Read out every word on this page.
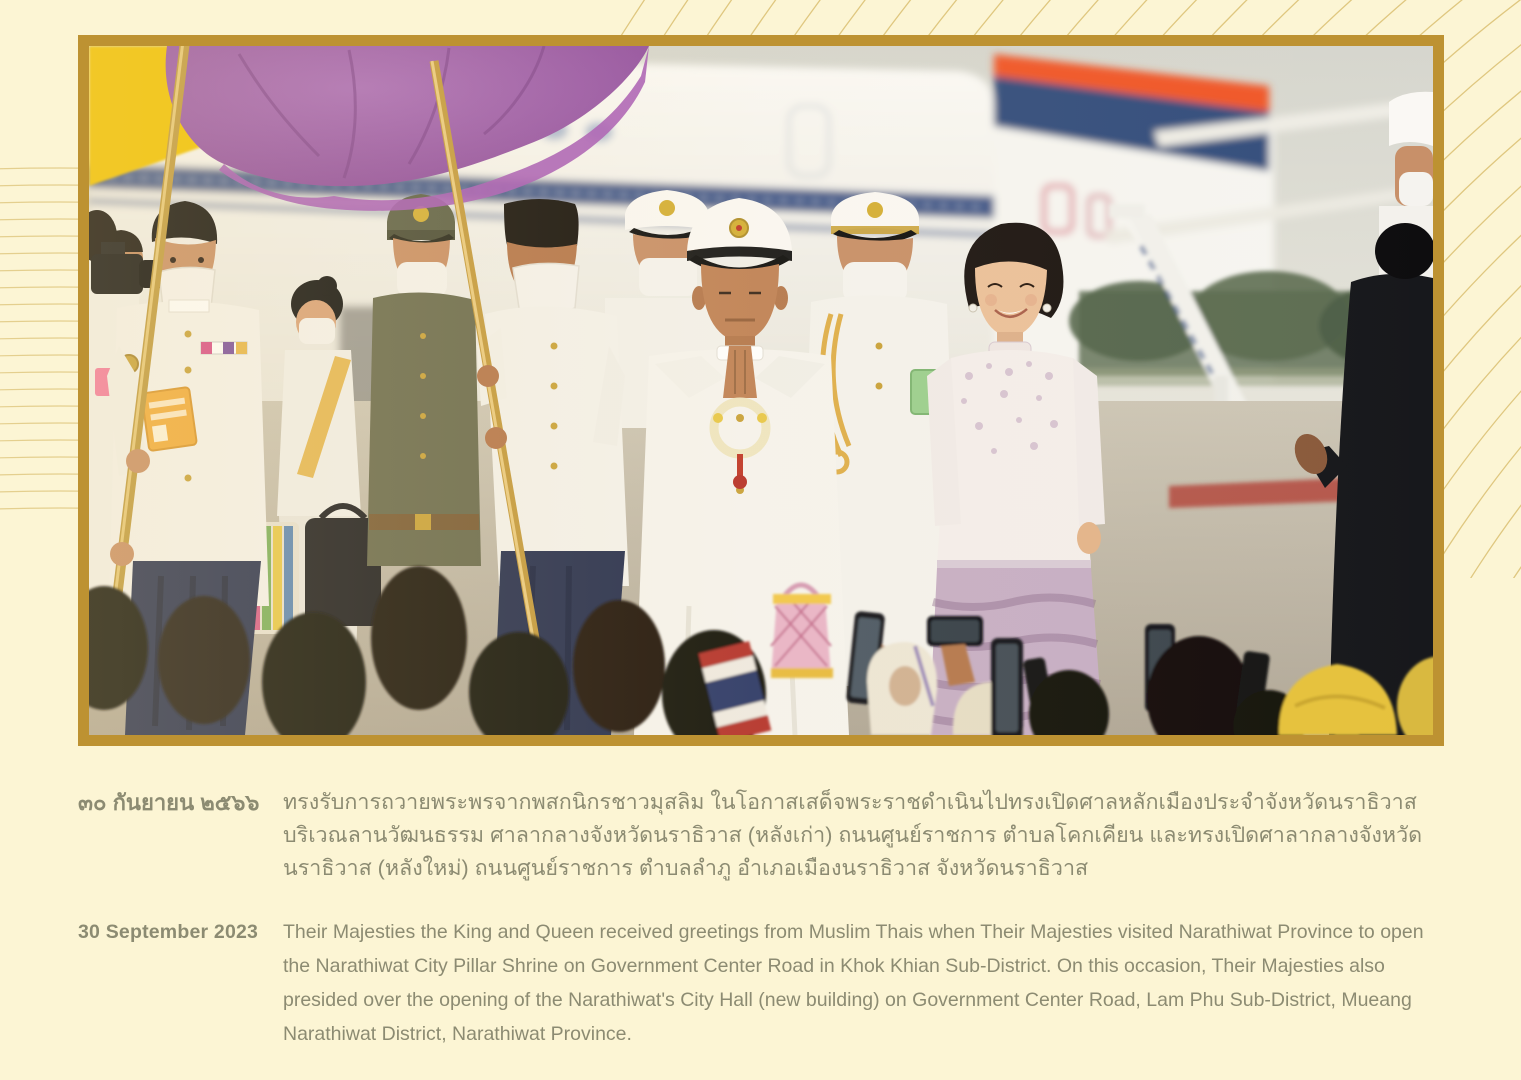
๓๐ กันยายน ๒๕๖๖	ทรงรับการถวายพระพรจากพสกนิกรชาวมุสลิม ในโอกาสเสด็จพระราชดำเนินไปทรงเปิดศาลหลักเมืองประจำจังหวัดนราธิวาส บริเวณลานวัฒนธรรม ศาลากลางจังหวัดนราธิวาส (หลังเก่า) ถนนศูนย์ราชการ ตำบลโคกเคียน และทรงเปิดศาลากลางจังหวัดนราธิวาส (หลังใหม่) ถนนศูนย์ราชการ ตำบลลำภู อำเภอเมืองนราธิวาส จังหวัดนราธิวาส

30 September 2023	Their Majesties the King and Queen received greetings from Muslim Thais when Their Majesties visited Narathiwat Province to open the Narathiwat City Pillar Shrine on Government Center Road in Khok Khian Sub-District. On this occasion, Their Majesties also presided over the opening of the Narathiwat's City Hall (new building) on Government Center Road, Lam Phu Sub-District, Mueang Narathiwat District, Narathiwat Province.
